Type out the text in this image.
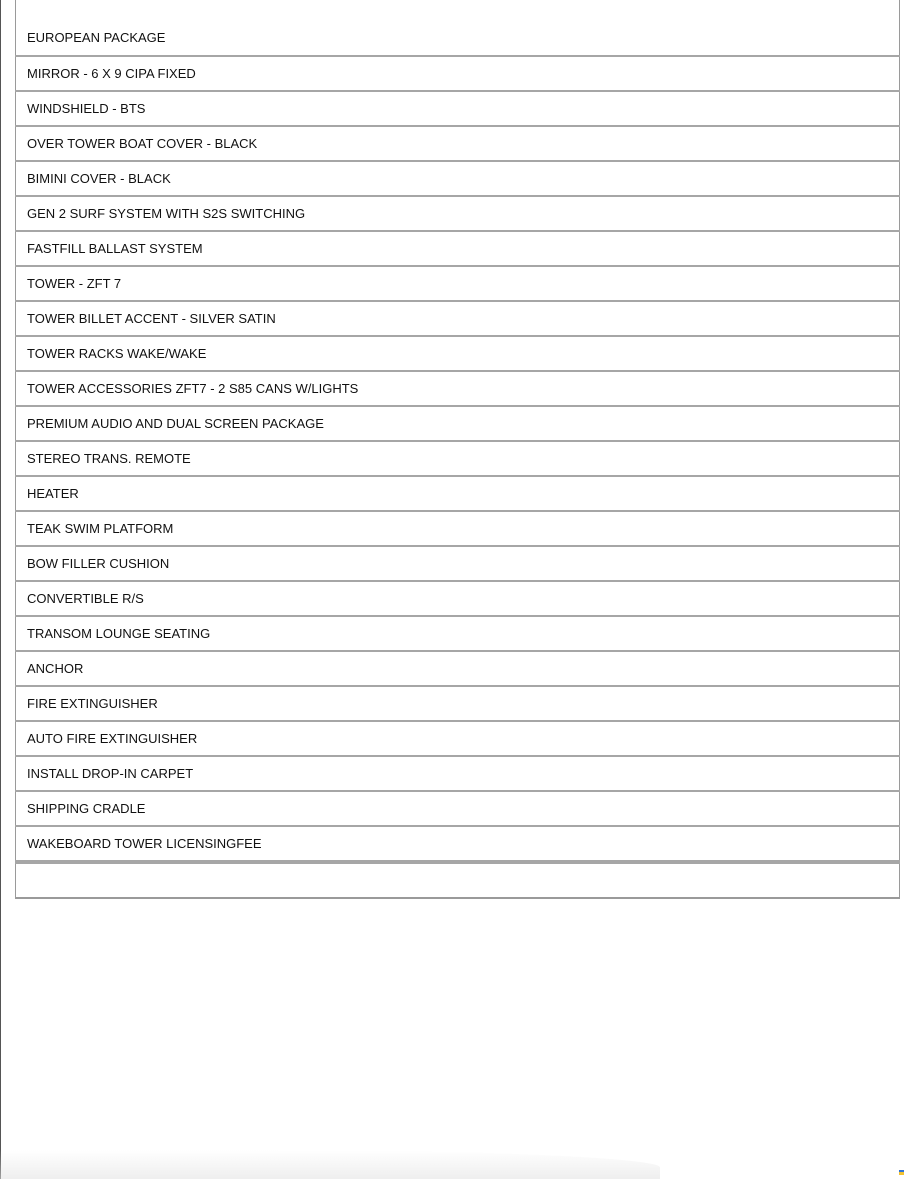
EUROPEAN PACKAGE
MIRROR - 6 X 9 CIPA FIXED
WINDSHIELD - BTS
OVER TOWER BOAT COVER - BLACK
BIMINI COVER - BLACK
GEN 2 SURF SYSTEM WITH S2S SWITCHING
FASTFILL BALLAST SYSTEM
TOWER - ZFT 7
TOWER BILLET ACCENT - SILVER SATIN
TOWER RACKS WAKE/WAKE
TOWER ACCESSORIES ZFT7 - 2 S85 CANS W/LIGHTS
PREMIUM AUDIO AND DUAL SCREEN PACKAGE
STEREO TRANS. REMOTE
HEATER
TEAK SWIM PLATFORM
BOW FILLER CUSHION
CONVERTIBLE R/S
TRANSOM LOUNGE SEATING
ANCHOR
FIRE EXTINGUISHER
AUTO FIRE EXTINGUISHER
INSTALL DROP-IN CARPET
SHIPPING CRADLE
WAKEBOARD TOWER LICENSINGFEE
